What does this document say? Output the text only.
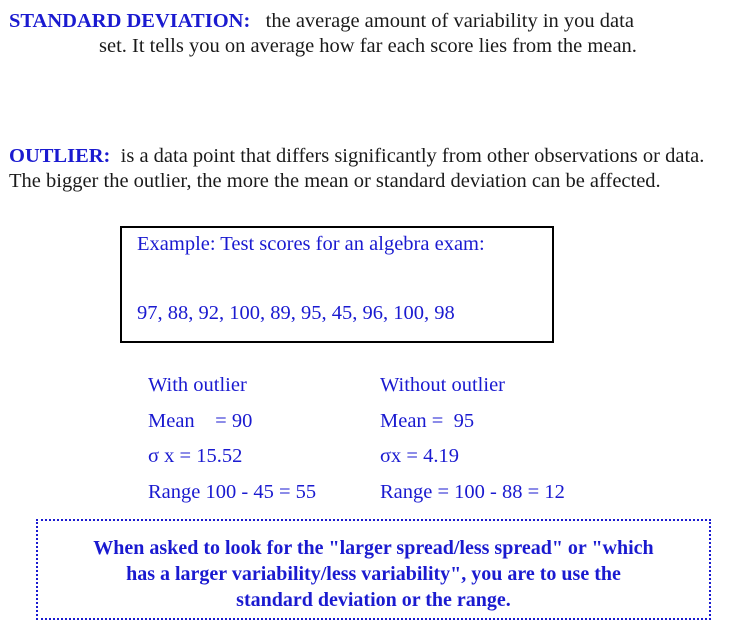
STANDARD DEVIATION: the average amount of variability in you data
set. It tells you on average how far each score lies from the mean.
OUTLIER: is a data point that differs significantly from other observations or data. The bigger the outlier, the more the mean or standard deviation can be affected.
Example: Test scores for an algebra exam:
97, 88, 92, 100, 89, 95, 45, 96, 100, 98
With outlier
Mean    = 90
σ x = 15.52
Range 100 - 45 = 55
Without outlier
Mean =  95
σx = 4.19
Range = 100 - 88 = 12
When asked to look for the "larger spread/less spread" or "which
has a larger variability/less variability", you are to use the
standard deviation or the range.
